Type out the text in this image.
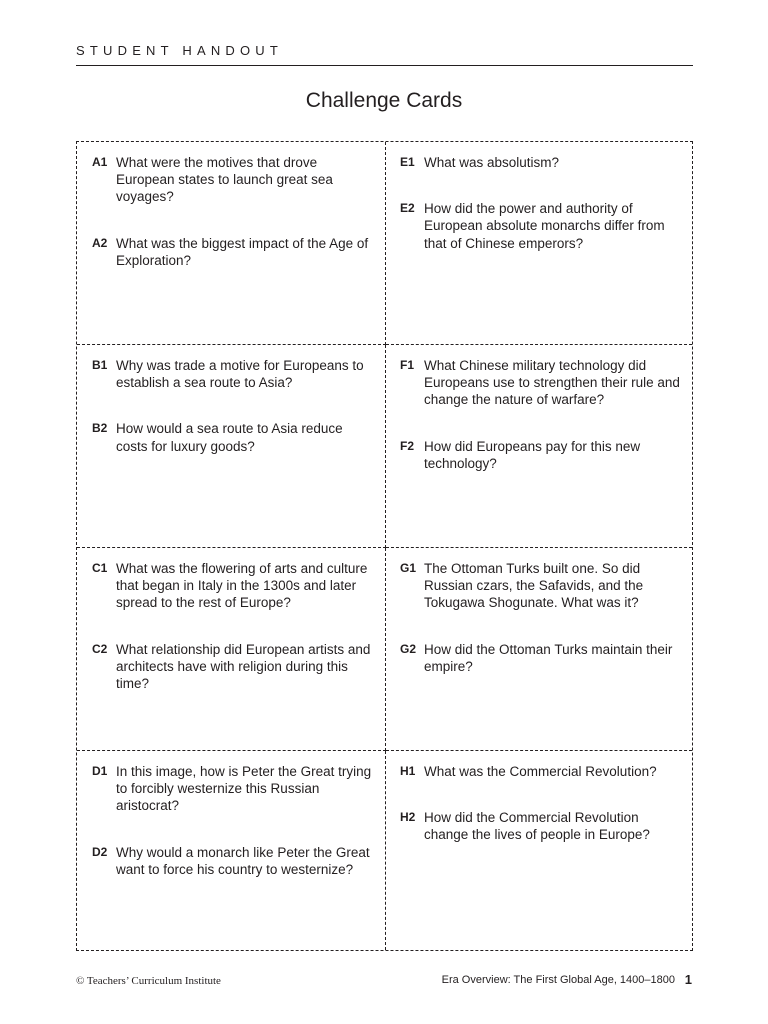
STUDENT HANDOUT
Challenge Cards
A1 What were the motives that drove European states to launch great sea voyages?
A2 What was the biggest impact of the Age of Exploration?
E1 What was absolutism?
E2 How did the power and authority of European absolute monarchs differ from that of Chinese emperors?
B1 Why was trade a motive for Europeans to establish a sea route to Asia?
B2 How would a sea route to Asia reduce costs for luxury goods?
F1 What Chinese military technology did Europeans use to strengthen their rule and change the nature of warfare?
F2 How did Europeans pay for this new technology?
C1 What was the flowering of arts and culture that began in Italy in the 1300s and later spread to the rest of Europe?
C2 What relationship did European artists and architects have with religion during this time?
G1 The Ottoman Turks built one. So did Russian czars, the Safavids, and the Tokugawa Shogunate. What was it?
G2 How did the Ottoman Turks maintain their empire?
D1 In this image, how is Peter the Great trying to forcibly westernize this Russian aristocrat?
D2 Why would a monarch like Peter the Great want to force his country to westernize?
H1 What was the Commercial Revolution?
H2 How did the Commercial Revolution change the lives of people in Europe?
© Teachers’ Curriculum Institute	Era Overview: The First Global Age, 1400–1800 1
